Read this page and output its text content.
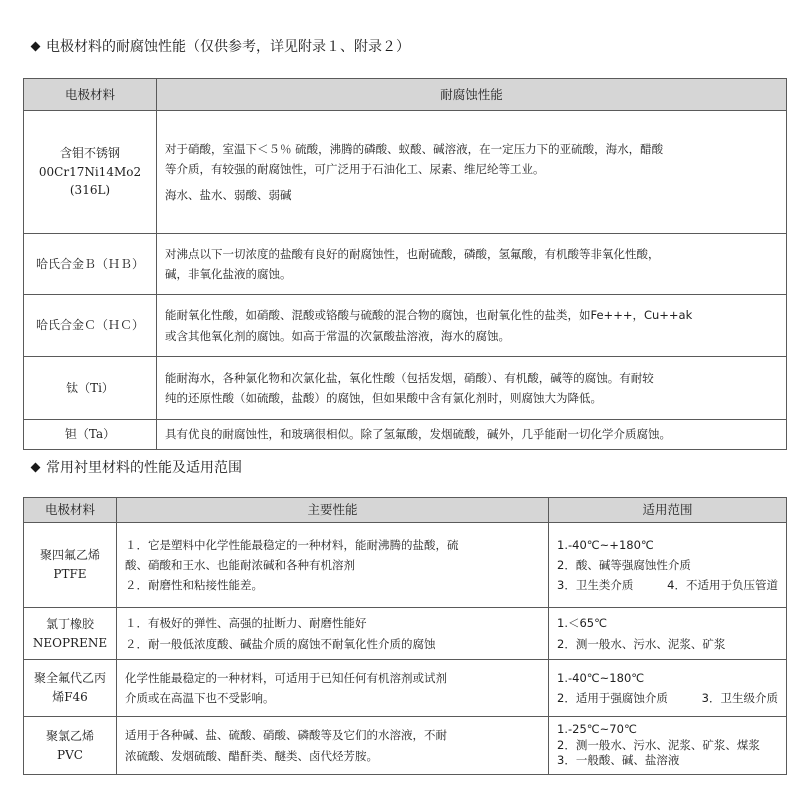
电极材料的耐腐蚀性能（仅供参考，详见附录１、附录２）
电极材料	耐腐蚀性能

含钼不锈钢
00Cr17Ni14Mo2
(316L)	对于硝酸，室温下＜５％ 硫酸，沸腾的磷酸、蚁酸、碱溶液，在一定压力下的亚硫酸，海水，醋酸
等介质，有较强的耐腐蚀性，可广泛用于石油化工、尿素、维尼纶等工业。
海水、盐水、弱酸、弱碱

哈氏合金Ｂ（ＨＢ）	对沸点以下一切浓度的盐酸有良好的耐腐蚀性，也耐硫酸，磷酸，氢氟酸，有机酸等非氧化性酸，
碱，非氧化盐液的腐蚀。

哈氏合金Ｃ（ＨＣ）	能耐氧化性酸，如硝酸、混酸或铬酸与硫酸的混合物的腐蚀，也耐氧化性的盐类，如Fe+++，Cu++ak
或含其他氧化剂的腐蚀。如高于常温的次氯酸盐溶液，海水的腐蚀。

钛（Ti）	能耐海水，各种氯化物和次氯化盐，氧化性酸（包括发烟，硝酸）、有机酸，碱等的腐蚀。有耐较
纯的还原性酸（如硫酸，盐酸）的腐蚀，但如果酸中含有氯化剂时，则腐蚀大为降低。

钽（Ta）	具有优良的耐腐蚀性，和玻璃很相似。除了氢氟酸，发烟硫酸，碱外，几乎能耐一切化学介质腐蚀。
常用衬里材料的性能及适用范围
电极材料	主要性能	适用范围

聚四氟乙烯
PTFE	１．它是塑料中化学性能最稳定的一种材料，能耐沸腾的盐酸，硫
酸、硝酸和王水、也能耐浓碱和各种有机溶剂
２．耐磨性和粘接性能差。	1.-40℃~+180℃
2．酸、碱等强腐蚀性介质
3．卫生类介质 4．不适用于负压管道

氯丁橡胶
NEOPRENE	１．有极好的弹性、高强的扯断力、耐磨性能好
２．耐一般低浓度酸、碱盐介质的腐蚀不耐氧化性介质的腐蚀	1.＜65℃
2．测一般水、污水、泥浆、矿浆

聚全氟代乙丙
烯F46	化学性能最稳定的一种材料，可适用于已知任何有机溶剂或试剂
介质或在高温下也不受影响。	1.-40℃~180℃
2．适用于强腐蚀介质 3．卫生级介质

聚氯乙烯
PVC	适用于各种碱、盐、硫酸、硝酸、磷酸等及它们的水溶液，不耐
浓硫酸、发烟硫酸、醋酐类、醚类、卤代烃芳胺。	1.-25℃~70℃
2．测一般水、污水、泥浆、矿浆、煤浆
3．一般酸、碱、盐溶液
